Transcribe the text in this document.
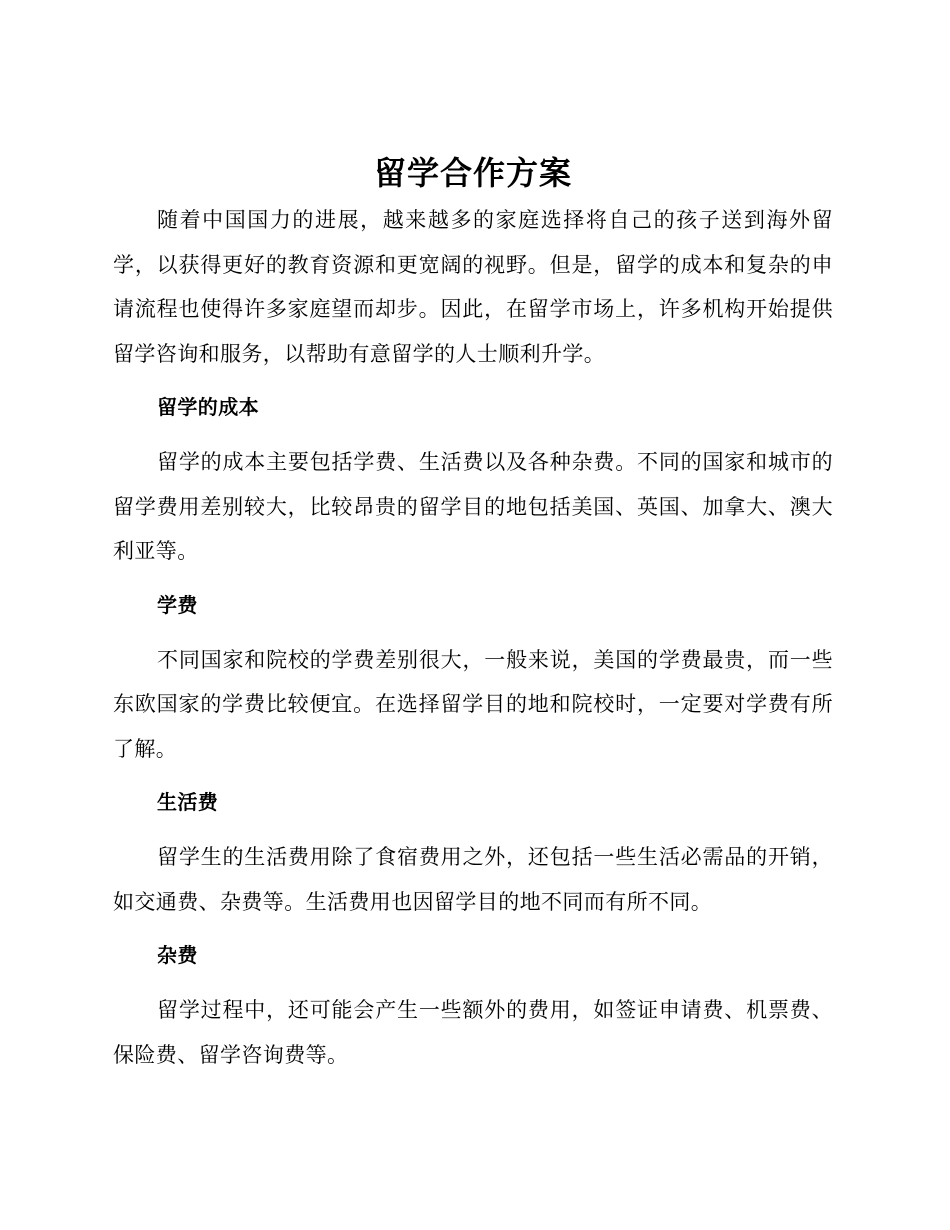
留学合作方案

随着中国国力的进展，越来越多的家庭选择将自己的孩子送到海外留学，以获得更好的教育资源和更宽阔的视野。但是，留学的成本和复杂的申请流程也使得许多家庭望而却步。因此，在留学市场上，许多机构开始提供留学咨询和服务，以帮助有意留学的人士顺利升学。

留学的成本

留学的成本主要包括学费、生活费以及各种杂费。不同的国家和城市的留学费用差别较大，比较昂贵的留学目的地包括美国、英国、加拿大、澳大利亚等。

学费

不同国家和院校的学费差别很大，一般来说，美国的学费最贵，而一些东欧国家的学费比较便宜。在选择留学目的地和院校时，一定要对学费有所了解。

生活费

留学生的生活费用除了食宿费用之外，还包括一些生活必需品的开销，如交通费、杂费等。生活费用也因留学目的地不同而有所不同。

杂费

留学过程中，还可能会产生一些额外的费用，如签证申请费、机票费、保险费、留学咨询费等。
